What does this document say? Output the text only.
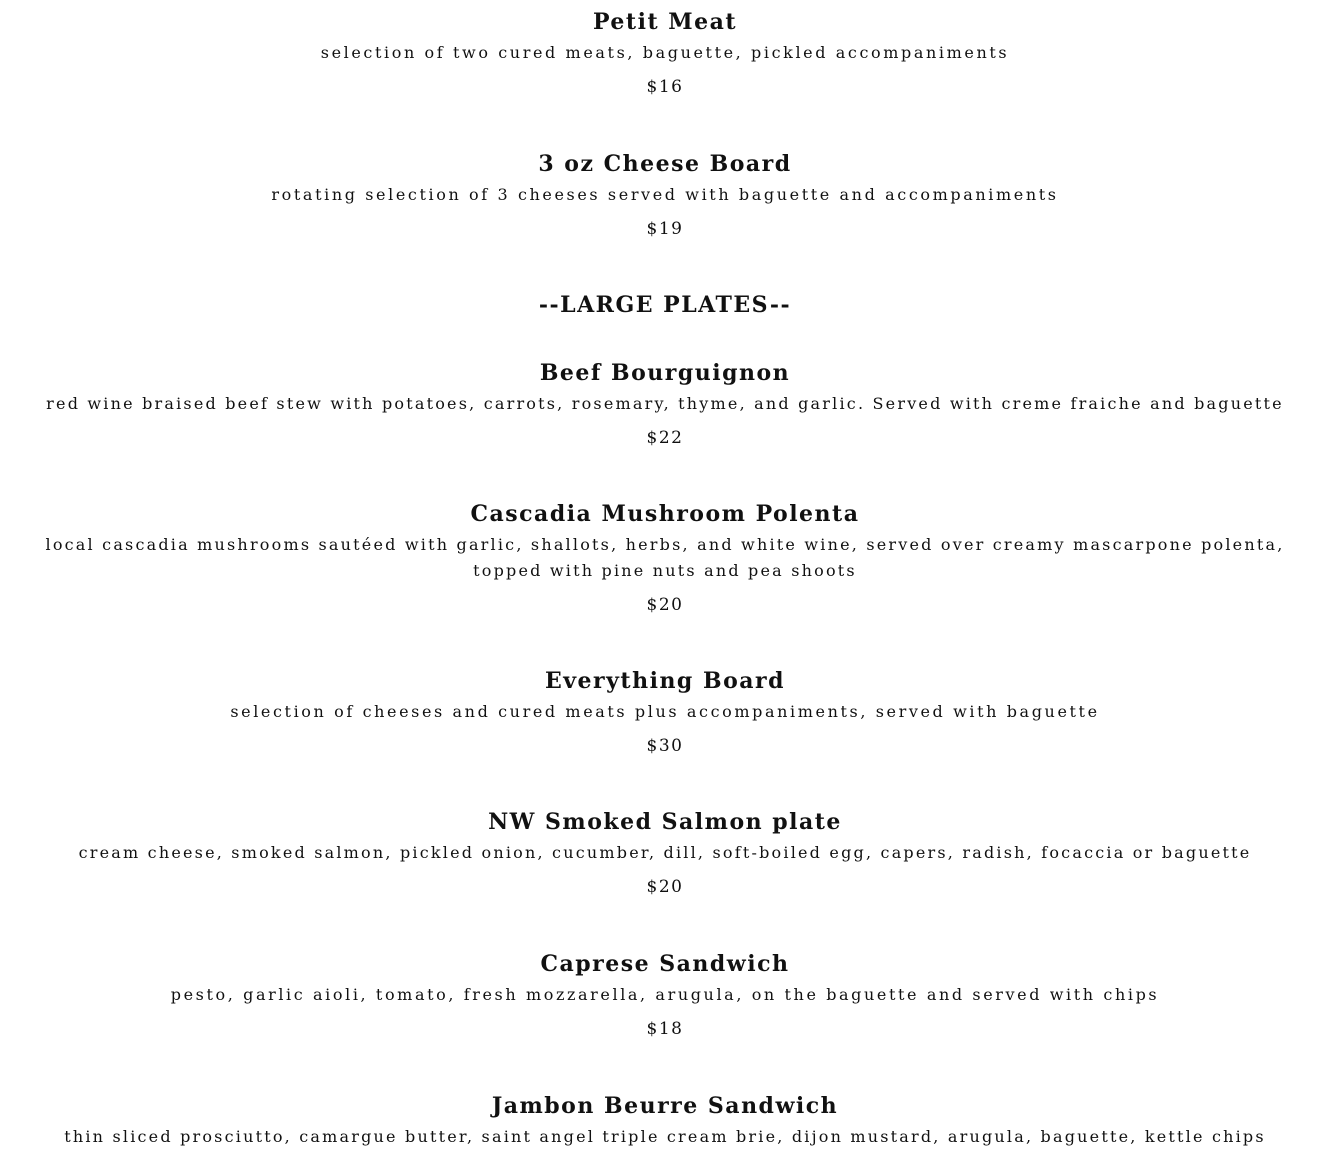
Petit Meat
selection of two cured meats, baguette, pickled accompaniments
$16
3 oz Cheese Board
rotating selection of 3 cheeses served with baguette and accompaniments
$19
--LARGE PLATES--
Beef Bourguignon
red wine braised beef stew with potatoes, carrots, rosemary, thyme, and garlic. Served with creme fraiche and baguette
$22
Cascadia Mushroom Polenta
local cascadia mushrooms sautéed with garlic, shallots, herbs, and white wine, served over creamy mascarpone polenta, topped with pine nuts and pea shoots
$20
Everything Board
selection of cheeses and cured meats plus accompaniments, served with baguette
$30
NW Smoked Salmon plate
cream cheese, smoked salmon, pickled onion, cucumber, dill, soft-boiled egg, capers, radish, focaccia or baguette
$20
Caprese Sandwich
pesto, garlic aioli, tomato, fresh mozzarella, arugula, on the baguette and served with chips
$18
Jambon Beurre Sandwich
thin sliced prosciutto, camargue butter, saint angel triple cream brie, dijon mustard, arugula, baguette, kettle chips
